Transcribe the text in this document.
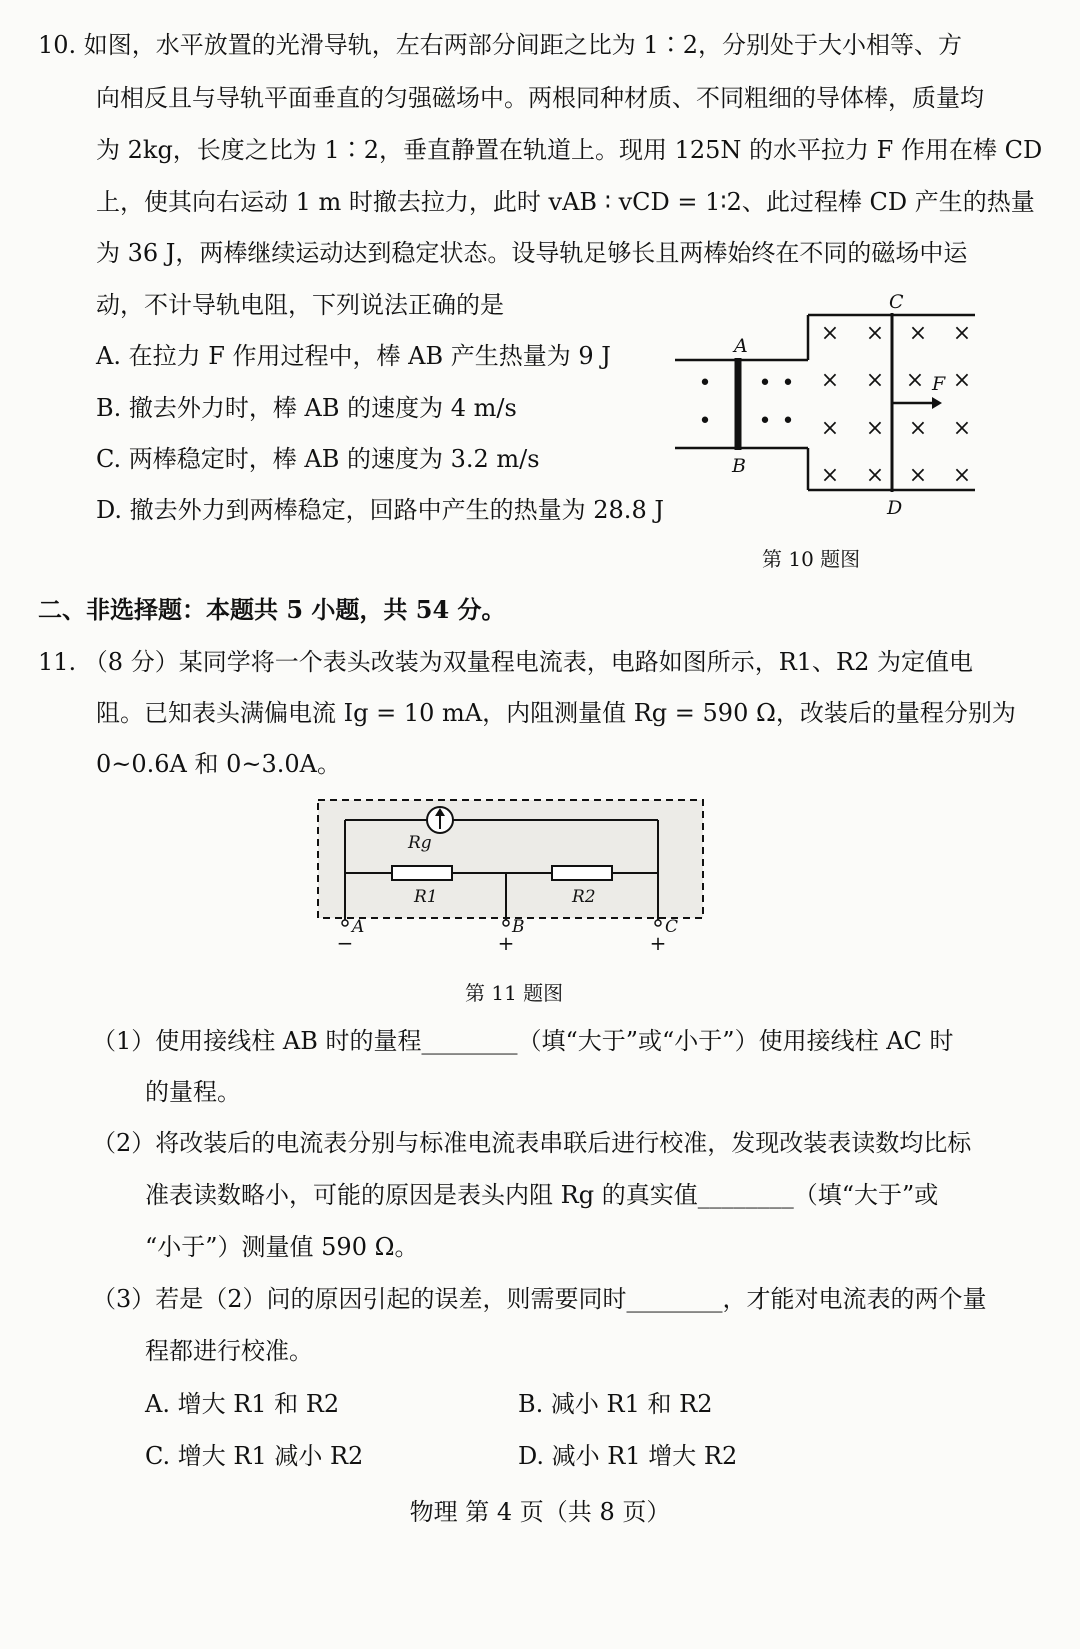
10. 如图，水平放置的光滑导轨，左右两部分间距之比为 1∶2，分别处于大小相等、方
向相反且与导轨平面垂直的匀强磁场中。两根同种材质、不同粗细的导体棒，质量均
为 2kg，长度之比为 1∶2，垂直静置在轨道上。现用 125N 的水平拉力 F 作用在棒 CD
上，使其向右运动 1 m 时撤去拉力，此时 vAB ∶ vCD = 1∶2、此过程棒 CD 产生的热量
为 36 J，两棒继续运动达到稳定状态。设导轨足够长且两棒始终在不同的磁场中运
动，不计导轨电阻，下列说法正确的是
A. 在拉力 F 作用过程中，棒 AB 产生热量为 9 J
B. 撤去外力时，棒 AB 的速度为 4 m/s
C. 两棒稳定时，棒 AB 的速度为 3.2 m/s
D. 撤去外力到两棒稳定，回路中产生的热量为 28.8 J
• • •
• • •
× × × ×
× × × ×
× × × ×
× × × ×
A
B
C
D
F
第 10 题图
二、非选择题：本题共 5 小题，共 54 分。
11. （8 分）某同学将一个表头改装为双量程电流表，电路如图所示，R1、R2 为定值电
阻。已知表头满偏电流 Ig = 10 mA，内阻测量值 Rg = 590 Ω，改装后的量程分别为
0~0.6A 和 0~3.0A。
Rg
R1	R2
A	B	C
−	+	+
第 11 题图
（1）使用接线柱 AB 时的量程________（填“大于”或“小于”）使用接线柱 AC 时
的量程。
（2）将改装后的电流表分别与标准电流表串联后进行校准，发现改装表读数均比标
准表读数略小，可能的原因是表头内阻 Rg 的真实值________（填“大于”或
“小于”）测量值 590 Ω。
（3）若是（2）问的原因引起的误差，则需要同时________，才能对电流表的两个量
程都进行校准。
A. 增大 R1 和 R2	B. 减小 R1 和 R2
C. 增大 R1 减小 R2	D. 减小 R1 增大 R2
物理 第 4 页（共 8 页）
